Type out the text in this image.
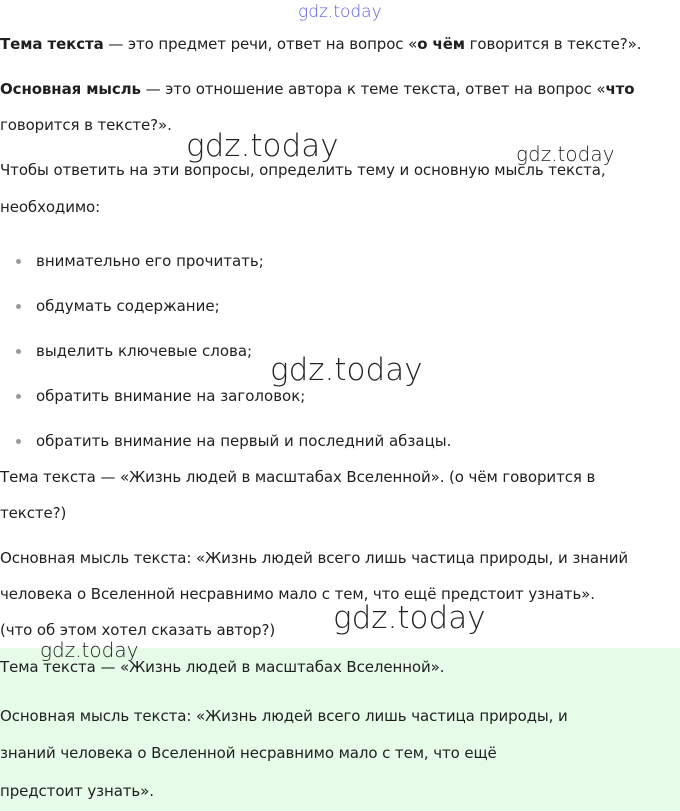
Тема текста — это предмет речи, ответ на вопрос «о чём говорится в тексте?».
Основная мысль — это отношение автора к теме текста, ответ на вопрос «что
говорится в тексте?».
Чтобы ответить на эти вопросы, определить тему и основную мысль текста,
необходимо:
внимательно его прочитать;
обдумать содержание;
выделить ключевые слова;
обратить внимание на заголовок;
обратить внимание на первый и последний абзацы.
Тема текста — «Жизнь людей в масштабах Вселенной». (о чём говорится в
тексте?)
Основная мысль текста: «Жизнь людей всего лишь частица природы, и знаний
человека о Вселенной несравнимо мало с тем, что ещё предстоит узнать».
(что об этом хотел сказать автор?)
Тема текста — «Жизнь людей в масштабах Вселенной».
Основная мысль текста: «Жизнь людей всего лишь частица природы, и
знаний человека о Вселенной несравнимо мало с тем, что ещё
предстоит узнать».
gdz.today
gdz.today	gdz.today
gdz.today
gdz.today
gdz.today
